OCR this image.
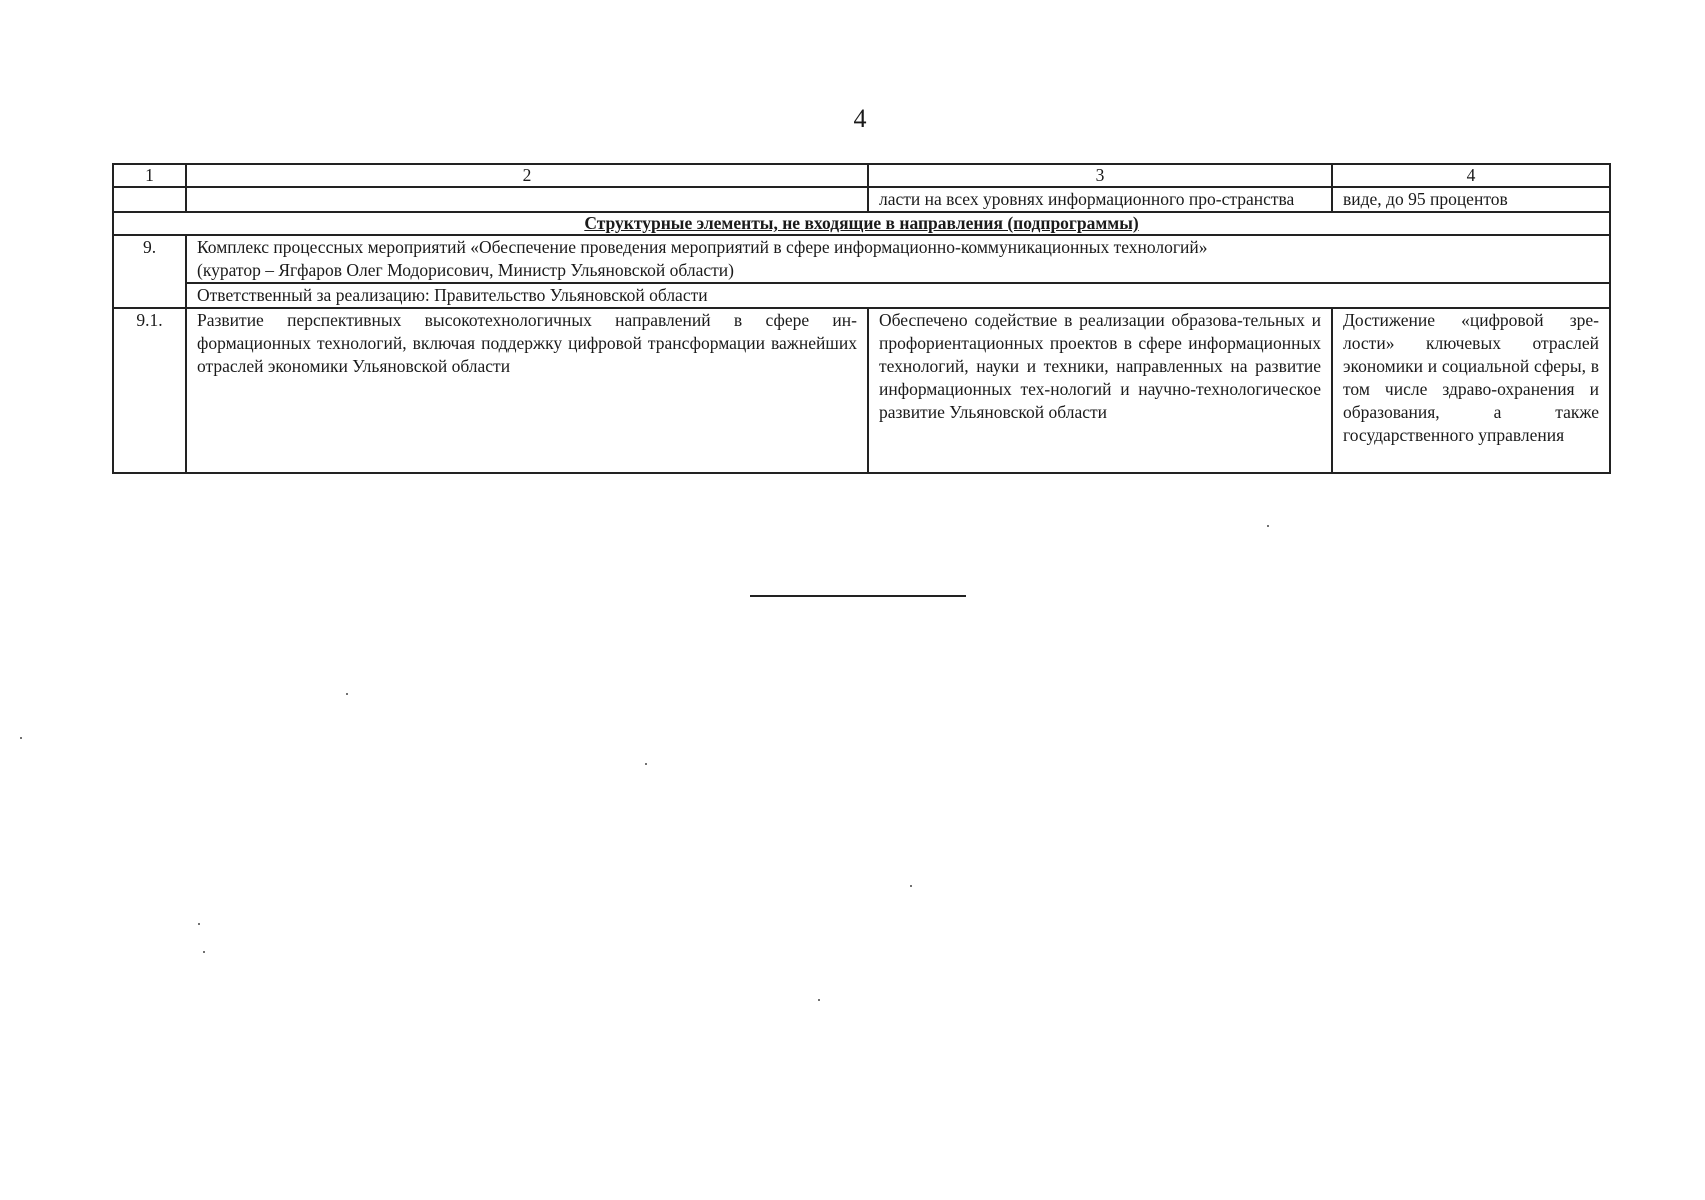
4
1	2	3	4
		ласти на всех уровнях информационного про-странства	виде, до 95 процентов
Структурные элементы, не входящие в направления (подпрограммы)			
9.	Комплекс процессных мероприятий «Обеспечение проведения мероприятий в сфере информационно-коммуникационных технологий»
(куратор – Ягфаров Олег Модорисович, Министр Ульяновской области)		

	Ответственный за реализацию: Правительство Ульяновской области		
9.1.	Развитие перспективных высокотехнологичных направлений в сфере ин-формационных технологий, включая поддержку цифровой трансформации важнейших отраслей экономики Ульяновской области	Обеспечено содействие в реализации образова-тельных и профориентационных проектов в сфере информационных технологий, науки и техники, направленных на развитие информационных тех-нологий и научно-технологическое развитие Ульяновской области	Достижение «цифровой зре-лости» ключевых отраслей экономики и социальной сферы, в том числе здраво-охранения и образования, а также государственного управления
